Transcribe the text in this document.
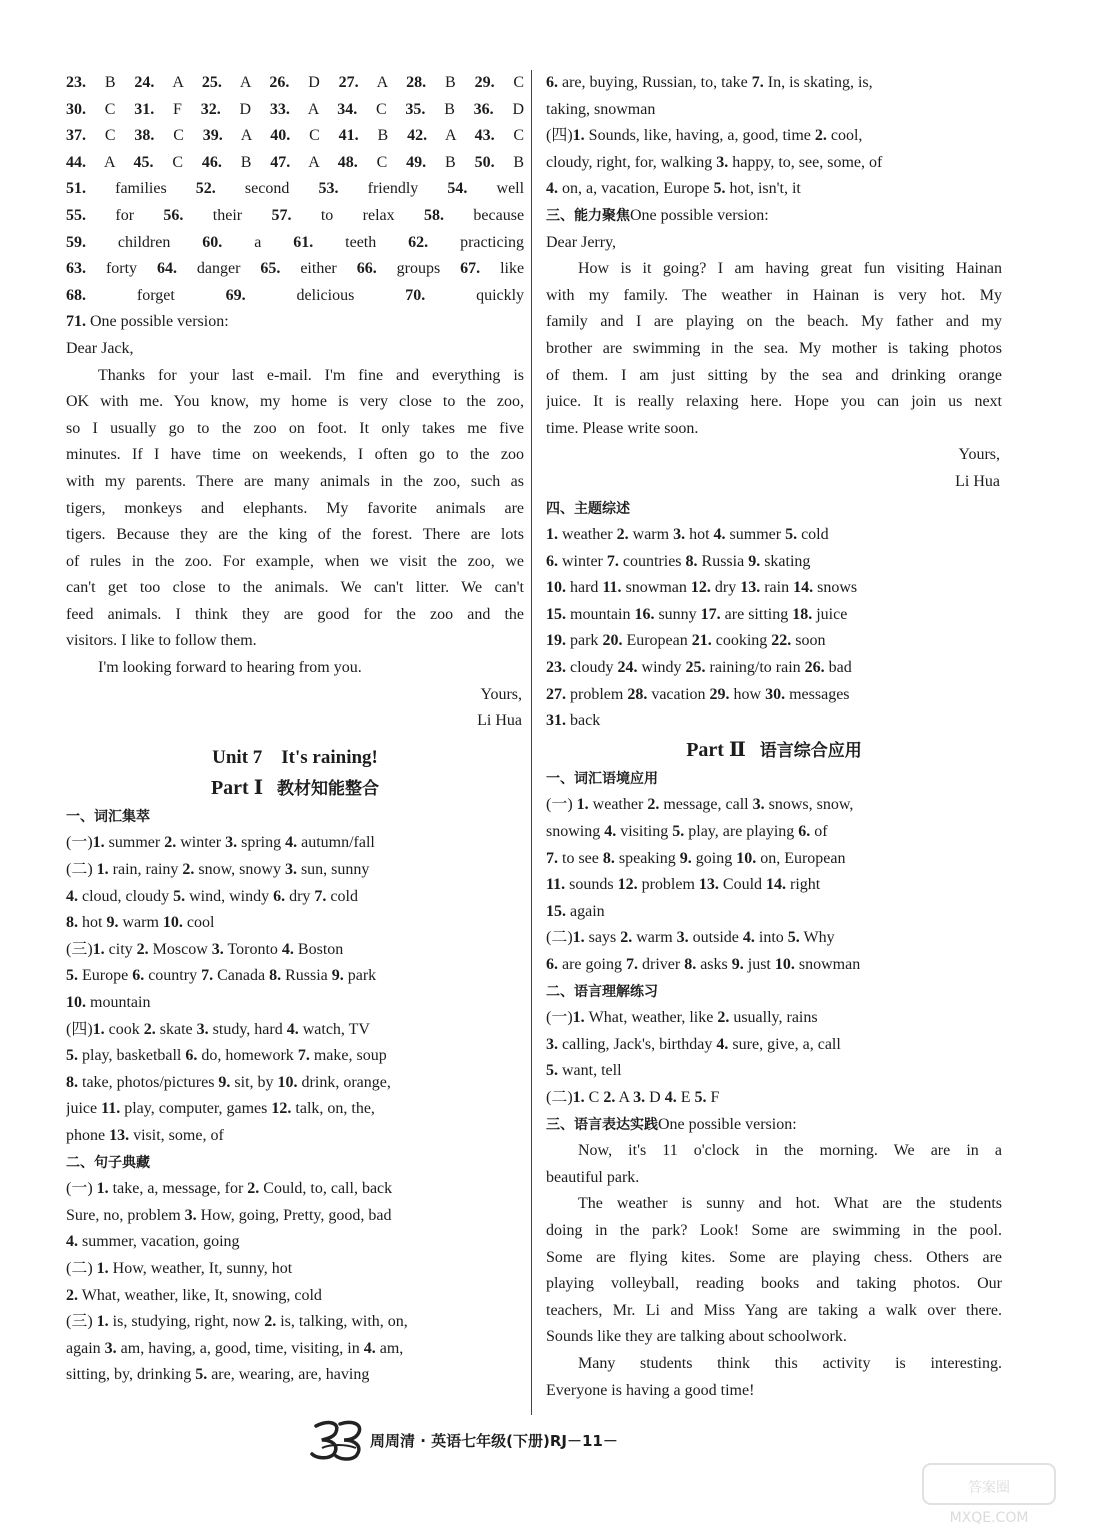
23. B 24. A 25. A 26. D 27. A 28. B 29. C
30. C 31. F 32. D 33. A 34. C 35. B 36. D
37. C 38. C 39. A 40. C 41. B 42. A 43. C
44. A 45. C 46. B 47. A 48. C 49. B 50. B
51. families 52. second 53. friendly 54. well
55. for 56. their 57. to relax 58. because
59. children 60. a 61. teeth 62. practicing
63. forty 64. danger 65. either 66. groups 67. like
68.	forget	69.	delicious	70.	quickly
71. One possible version:
Dear Jack,
Thanks for your last e-mail. I'm fine and everything is
OK with me. You know, my home is very close to the zoo,
so I usually go to the zoo on foot. It only takes me five
minutes. If I have time on weekends, I often go to the zoo
with my parents. There are many animals in the zoo, such as
tigers, monkeys and elephants. My favorite animals are
tigers. Because they are the king of the forest. There are lots
of rules in the zoo. For example, when we visit the zoo, we
can't get too close to the animals. We can't litter. We can't
feed animals. I think they are good for the zoo and the
visitors. I like to follow them.
I'm looking forward to hearing from you.
Yours,
Li Hua
Unit 7    It's raining!
Part Ⅰ 教材知能整合
一、词汇集萃
(一)1. summer 2. winter 3. spring 4. autumn/fall
(二) 1. rain, rainy 2. snow, snowy 3. sun, sunny
4. cloud, cloudy 5. wind, windy 6. dry 7. cold
8. hot 9. warm 10. cool
(三)1. city 2. Moscow 3. Toronto 4. Boston
5. Europe 6. country 7. Canada 8. Russia 9. park
10. mountain
(四)1. cook 2. skate 3. study, hard 4. watch, TV
5. play, basketball 6. do, homework 7. make, soup
8. take, photos/pictures 9. sit, by 10. drink, orange,
juice 11. play, computer, games 12. talk, on, the,
phone 13. visit, some, of
二、句子典藏
(一) 1. take, a, message, for 2. Could, to, call, back
Sure, no, problem 3. How, going, Pretty, good, bad
4. summer, vacation, going
(二) 1. How, weather, It, sunny, hot
2. What, weather, like, It, snowing, cold
(三) 1. is, studying, right, now 2. is, talking, with, on,
again 3. am, having, a, good, time, visiting, in 4. am,
sitting, by, drinking 5. are, wearing, are, having
6. are, buying, Russian, to, take 7. In, is skating, is,
taking, snowman
(四)1. Sounds, like, having, a, good, time 2. cool,
cloudy, right, for, walking 3. happy, to, see, some, of
4. on, a, vacation, Europe 5. hot, isn't, it
三、能力聚焦One possible version:
Dear Jerry,
How is it going? I am having great fun visiting Hainan
with my family. The weather in Hainan is very hot. My
family and I are playing on the beach. My father and my
brother are swimming in the sea. My mother is taking photos
of them. I am just sitting by the sea and drinking orange
juice. It is really relaxing here. Hope you can join us next
time. Please write soon.
Yours,
Li Hua
四、主题综述
1. weather 2. warm 3. hot 4. summer 5. cold
6. winter 7. countries 8. Russia 9. skating
10. hard 11. snowman 12. dry 13. rain 14. snows
15. mountain 16. sunny 17. are sitting 18. juice
19. park 20. European 21. cooking 22. soon
23. cloudy 24. windy 25. raining/to rain 26. bad
27. problem 28. vacation 29. how 30. messages
31. back
Part Ⅱ 语言综合应用
一、词汇语境应用
(一) 1. weather 2. message, call 3. snows, snow,
snowing 4. visiting 5. play, are playing 6. of
7. to see 8. speaking 9. going 10. on, European
11. sounds 12. problem 13. Could 14. right
15. again
(二)1. says 2. warm 3. outside 4. into 5. Why
6. are going 7. driver 8. asks 9. just 10. snowman
二、语言理解练习
(一)1. What, weather, like 2. usually, rains
3. calling, Jack's, birthday 4. sure, give, a, call
5. want, tell
(二)1. C 2. A 3. D 4. E 5. F
三、语言表达实践One possible version:
Now, it's 11 o'clock in the morning. We are in a
beautiful park.
The weather is sunny and hot. What are the students
doing in the park? Look! Some are swimming in the pool.
Some are flying kites. Some are playing chess. Others are
playing volleyball, reading books and taking photos. Our
teachers, Mr. Li and Miss Yang are taking a walk over there.
Sounds like they are talking about schoolwork.
Many students think this activity is interesting.
Everyone is having a good time!
周周清 · 英语七年级(下册)RJ－11－
答案圈
MXQE.COM
